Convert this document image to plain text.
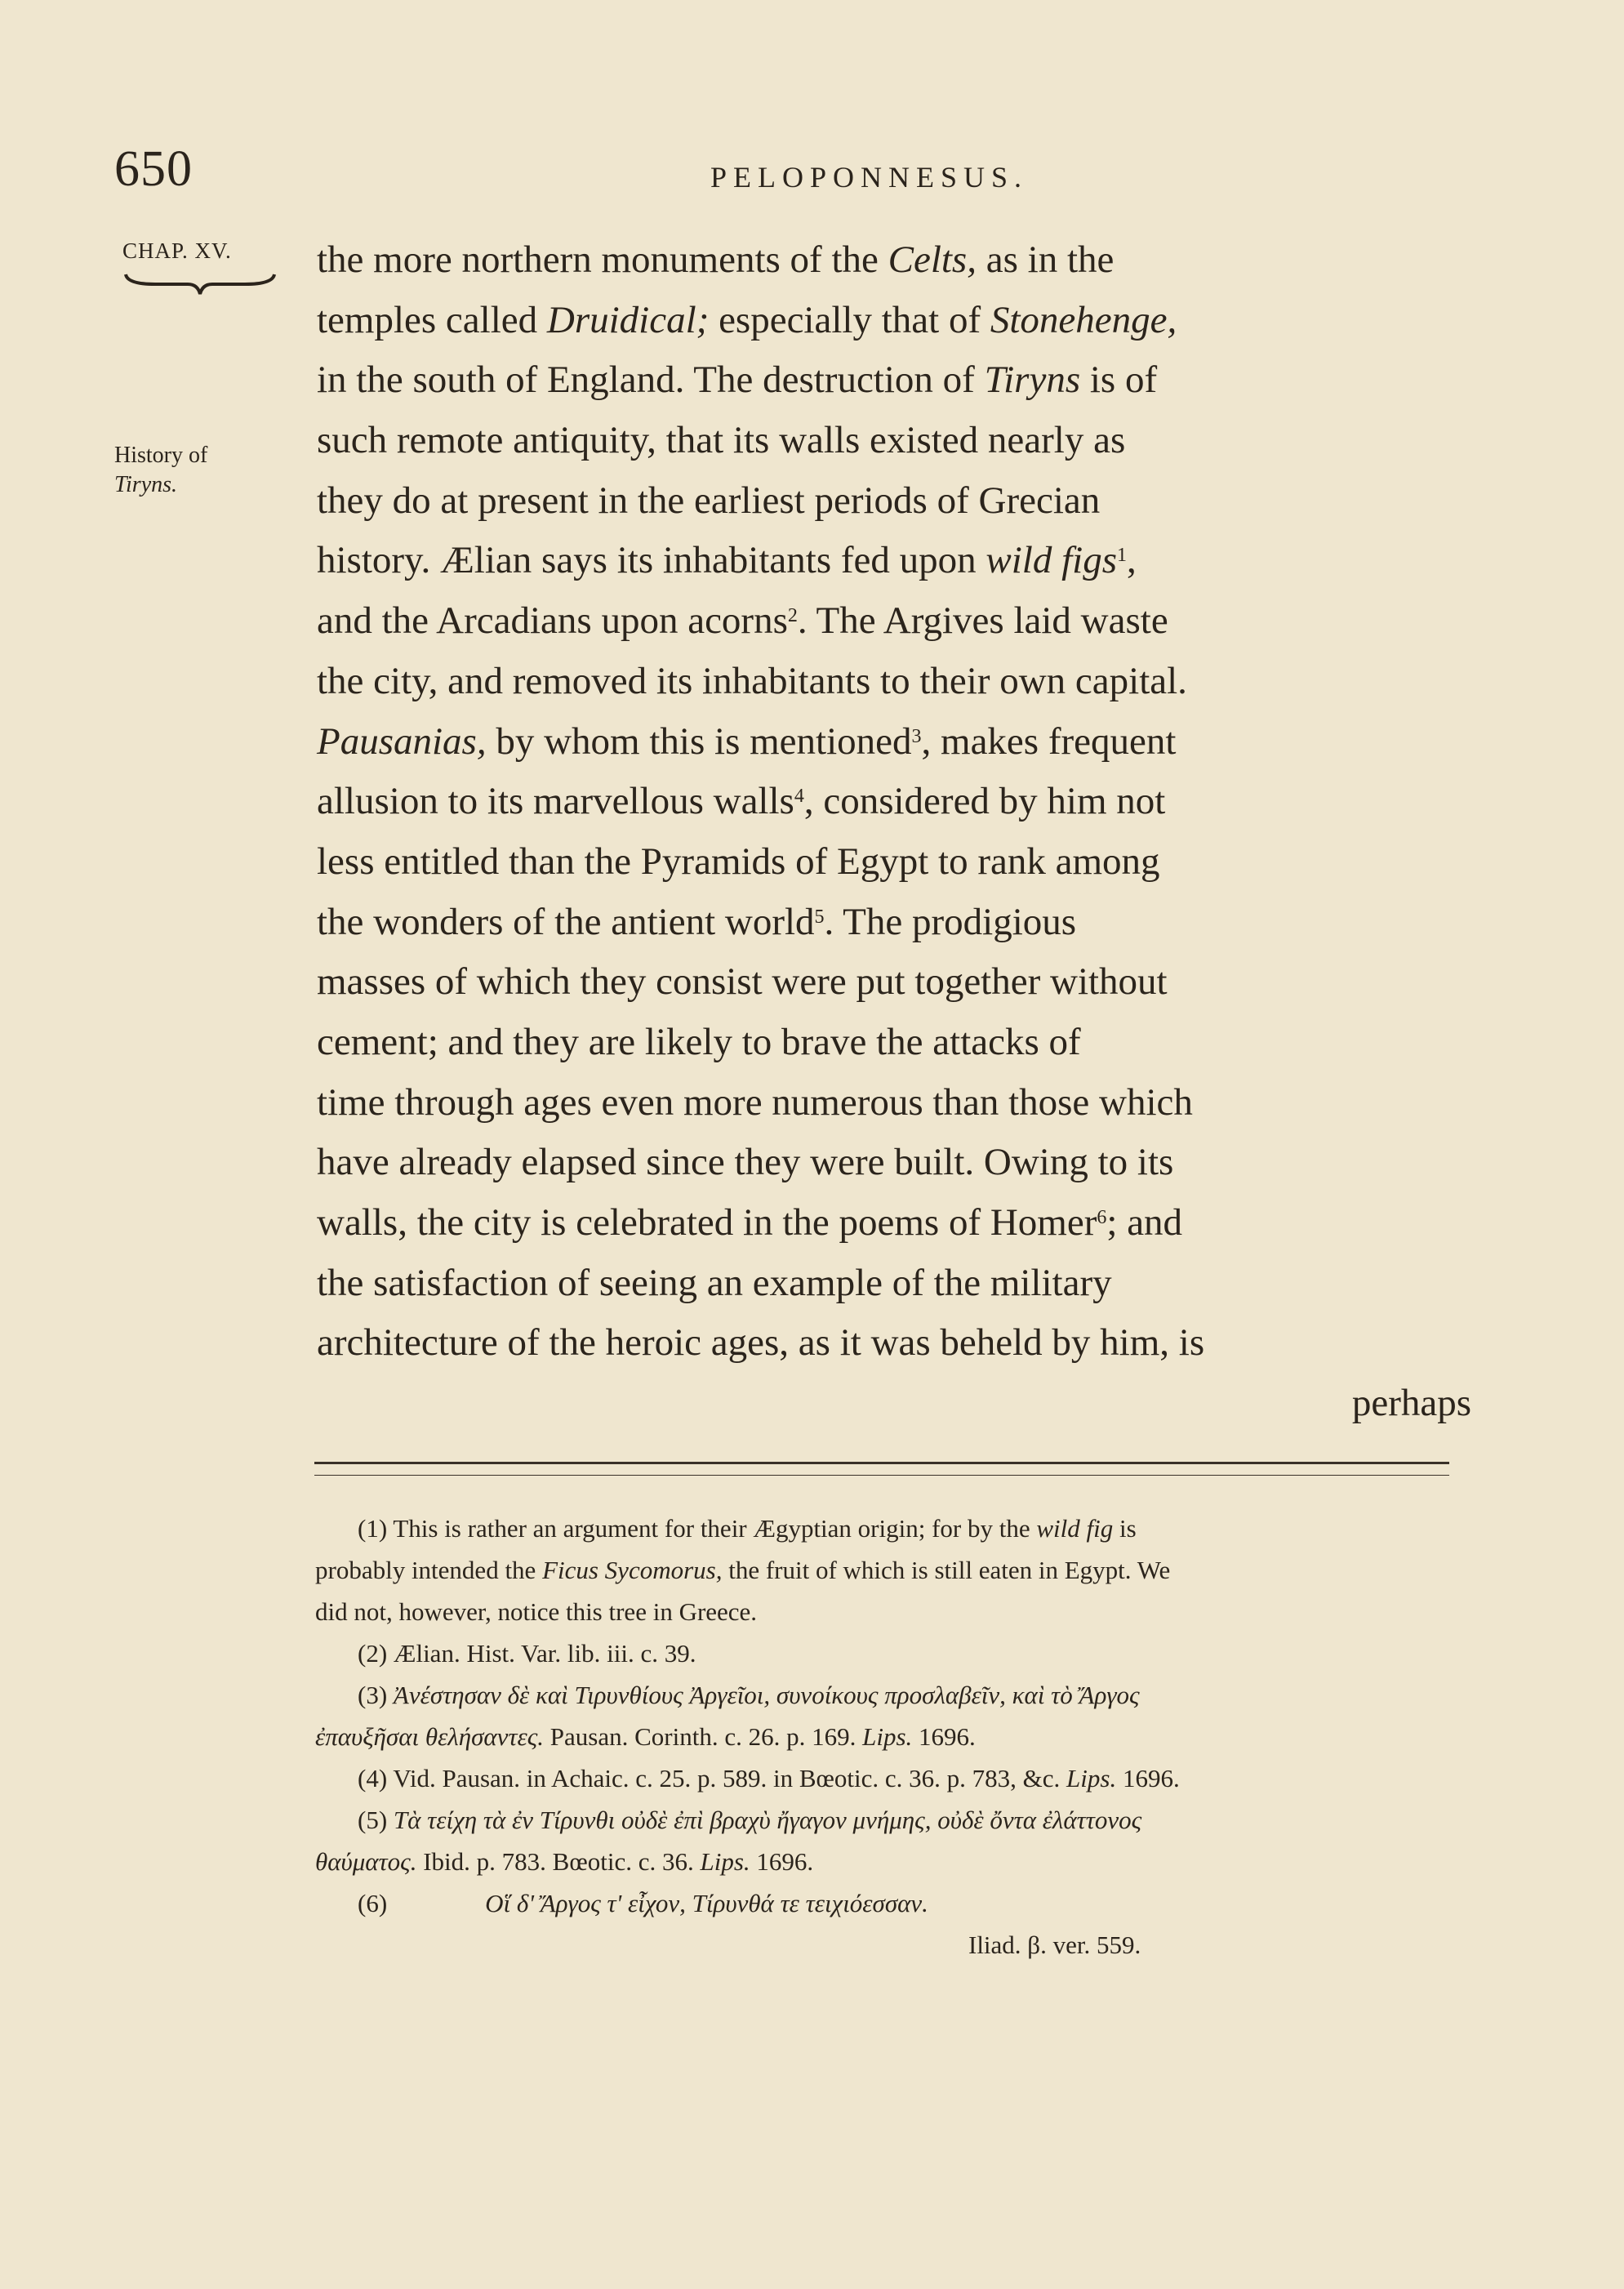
650	PELOPONNESUS.
CHAP. XV.
History of
Tiryns.
the more northern monuments of the Celts, as in the
temples called Druidical; especially that of Stonehenge,
in the south of England. The destruction of Tiryns is of
such remote antiquity, that its walls existed nearly as
they do at present in the earliest periods of Grecian
history. Ælian says its inhabitants fed upon wild figs$^1$,
and the Arcadians upon acorns$^2$. The Argives laid waste
the city, and removed its inhabitants to their own capital.
Pausanias, by whom this is mentioned$^3$, makes frequent
allusion to its marvellous walls$^4$, considered by him not
less entitled than the Pyramids of Egypt to rank among
the wonders of the antient world$^5$. The prodigious
masses of which they consist were put together without
cement; and they are likely to brave the attacks of
time through ages even more numerous than those which
have already elapsed since they were built. Owing to its
walls, the city is celebrated in the poems of Homer$^6$; and
the satisfaction of seeing an example of the military
architecture of the heroic ages, as it was beheld by him, is
perhaps
(1) This is rather an argument for their Ægyptian origin; for by the wild fig is
probably intended the Ficus Sycomorus, the fruit of which is still eaten in Egypt. We
did not, however, notice this tree in Greece.
(2) Ælian. Hist. Var. lib. iii. c. 39.
(3) Ἀνέστησαν δὲ καὶ Τιρυνθίους Ἀργεῖοι, συνοίκους προσλαβεῖν, καὶ τὸ Ἄργος
ἐπαυξῆσαι θελήσαντες. Pausan. Corinth. c. 26. p. 169. Lips. 1696.
(4) Vid. Pausan. in Achaic. c. 25. p. 589. in Bœotic. c. 36. p. 783, &c. Lips. 1696.
(5) Τὰ τείχη τὰ ἐν Τίρυνθι οὐδὲ ἐπὶ βραχὺ ἤγαγον μνήμης, οὐδὲ ὄντα ἐλάττονος
θαύματος. Ibid. p. 783. Bœotic. c. 36. Lips. 1696.
(6)	Οἵ δ' Ἄργος τ' εἶχον, Τίρυνθά τε τειχιόεσσαν.
Iliad. β. ver. 559.
